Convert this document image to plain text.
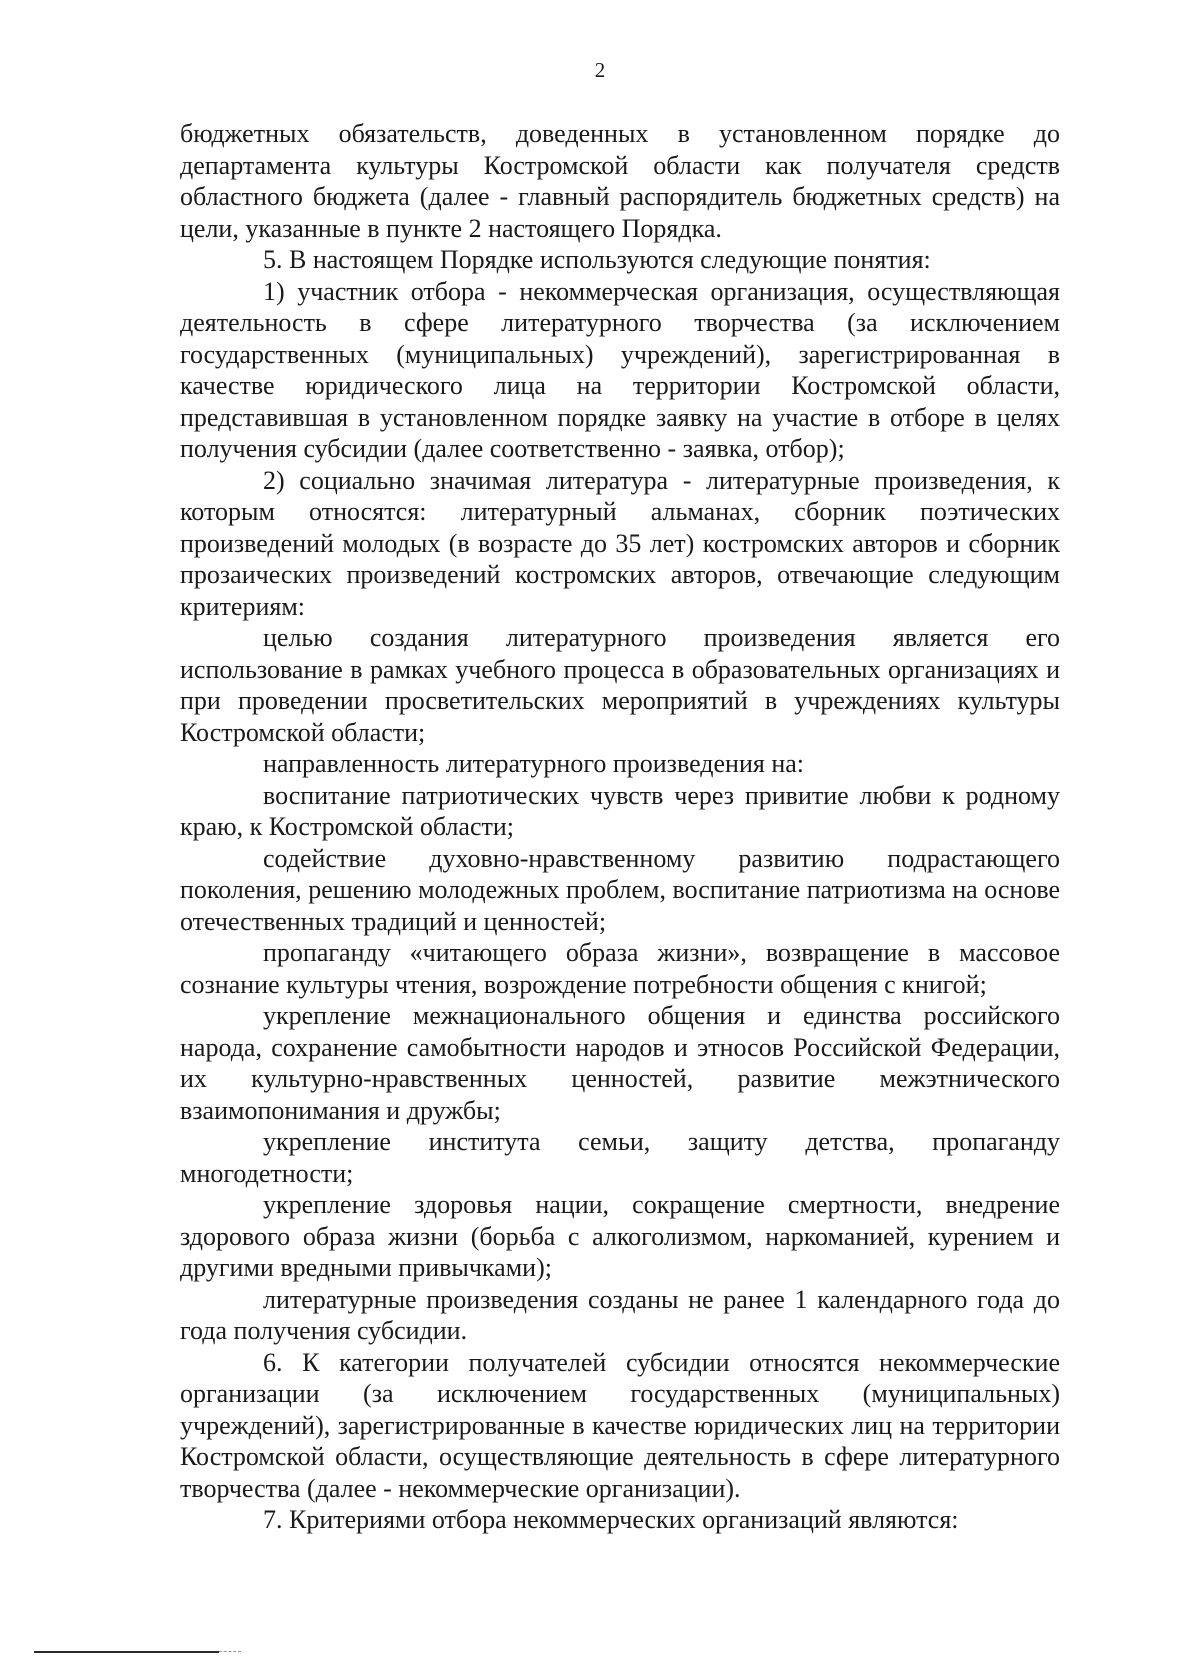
2

бюджетных обязательств, доведенных в установленном порядке до департамента культуры Костромской области как получателя средств областного бюджета (далее - главный распорядитель бюджетных средств) на цели, указанные в пункте 2 настоящего Порядка.

5. В настоящем Порядке используются следующие понятия:

1) участник отбора - некоммерческая организация, осуществляющая деятельность в сфере литературного творчества (за исключением государственных (муниципальных) учреждений), зарегистрированная в качестве юридического лица на территории Костромской области, представившая в установленном порядке заявку на участие в отборе в целях получения субсидии (далее соответственно - заявка, отбор);

2) социально значимая литература - литературные произведения, к которым относятся: литературный альманах, сборник поэтических произведений молодых (в возрасте до 35 лет) костромских авторов и сборник прозаических произведений костромских авторов, отвечающие следующим критериям:

целью создания литературного произведения является его использование в рамках учебного процесса в образовательных организациях и при проведении просветительских мероприятий в учреждениях культуры Костромской области;

направленность литературного произведения на:

воспитание патриотических чувств через привитие любви к родному краю, к Костромской области;

содействие духовно-нравственному развитию подрастающего поколения, решению молодежных проблем, воспитание патриотизма на основе отечественных традиций и ценностей;

пропаганду «читающего образа жизни», возвращение в массовое сознание культуры чтения, возрождение потребности общения с книгой;

укрепление межнационального общения и единства российского народа, сохранение самобытности народов и этносов Российской Федерации, их культурно-нравственных ценностей, развитие межэтнического взаимопонимания и дружбы;

укрепление института семьи, защиту детства, пропаганду многодетности;

укрепление здоровья нации, сокращение смертности, внедрение здорового образа жизни (борьба с алкоголизмом, наркоманией, курением и другими вредными привычками);

литературные произведения созданы не ранее 1 календарного года до года получения субсидии.

6. К категории получателей субсидии относятся некоммерческие организации (за исключением государственных (муниципальных) учреждений), зарегистрированные в качестве юридических лиц на территории Костромской области, осуществляющие деятельность в сфере литературного творчества (далее - некоммерческие организации).

7. Критериями отбора некоммерческих организаций являются:
